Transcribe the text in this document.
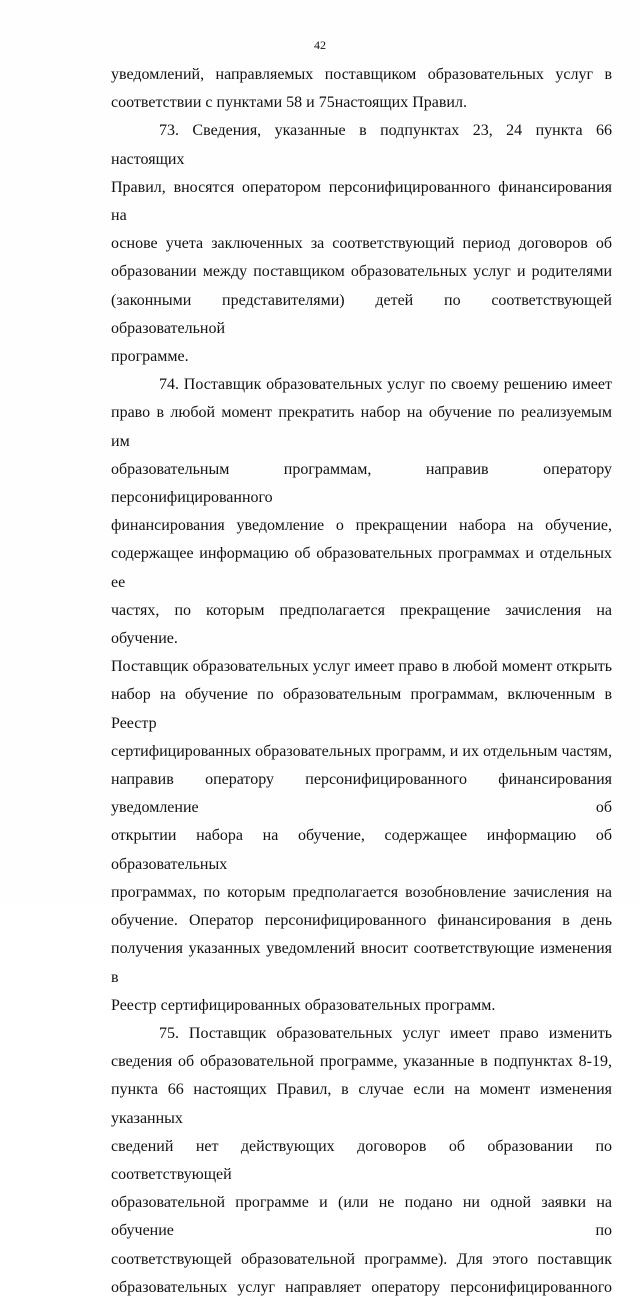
42
уведомлений, направляемых поставщиком образовательных услуг в
соответствии с пунктами 58 и 75настоящих Правил.
73. Сведения, указанные в подпунктах 23, 24 пункта 66 настоящих
Правил, вносятся оператором персонифицированного финансирования на
основе учета заключенных за соответствующий период договоров об
образовании между поставщиком образовательных услуг и родителями
(законными представителями) детей по соответствующей образовательной
программе.
74. Поставщик образовательных услуг по своему решению имеет
право в любой момент прекратить набор на обучение по реализуемым им
образовательным программам, направив оператору персонифицированного
финансирования уведомление о прекращении набора на обучение,
содержащее информацию об образовательных программах и отдельных ее
частях, по которым предполагается прекращение зачисления на обучение.
Поставщик образовательных услуг имеет право в любой момент открыть
набор на обучение по образовательным программам, включенным в Реестр
сертифицированных образовательных программ, и их отдельным частям,
направив оператору персонифицированного финансирования уведомление об
открытии набора на обучение, содержащее информацию об образовательных
программах, по которым предполагается возобновление зачисления на
обучение. Оператор персонифицированного финансирования в день
получения указанных уведомлений вносит соответствующие изменения в
Реестр сертифицированных образовательных программ.
75. Поставщик образовательных услуг имеет право изменить
сведения об образовательной программе, указанные в подпунктах 8-19,
пункта 66 настоящих Правил, в случае если на момент изменения указанных
сведений нет действующих договоров об образовании по соответствующей
образовательной программе и (или не подано ни одной заявки на обучение по
соответствующей образовательной программе). Для этого поставщик
образовательных услуг направляет оператору персонифицированного
